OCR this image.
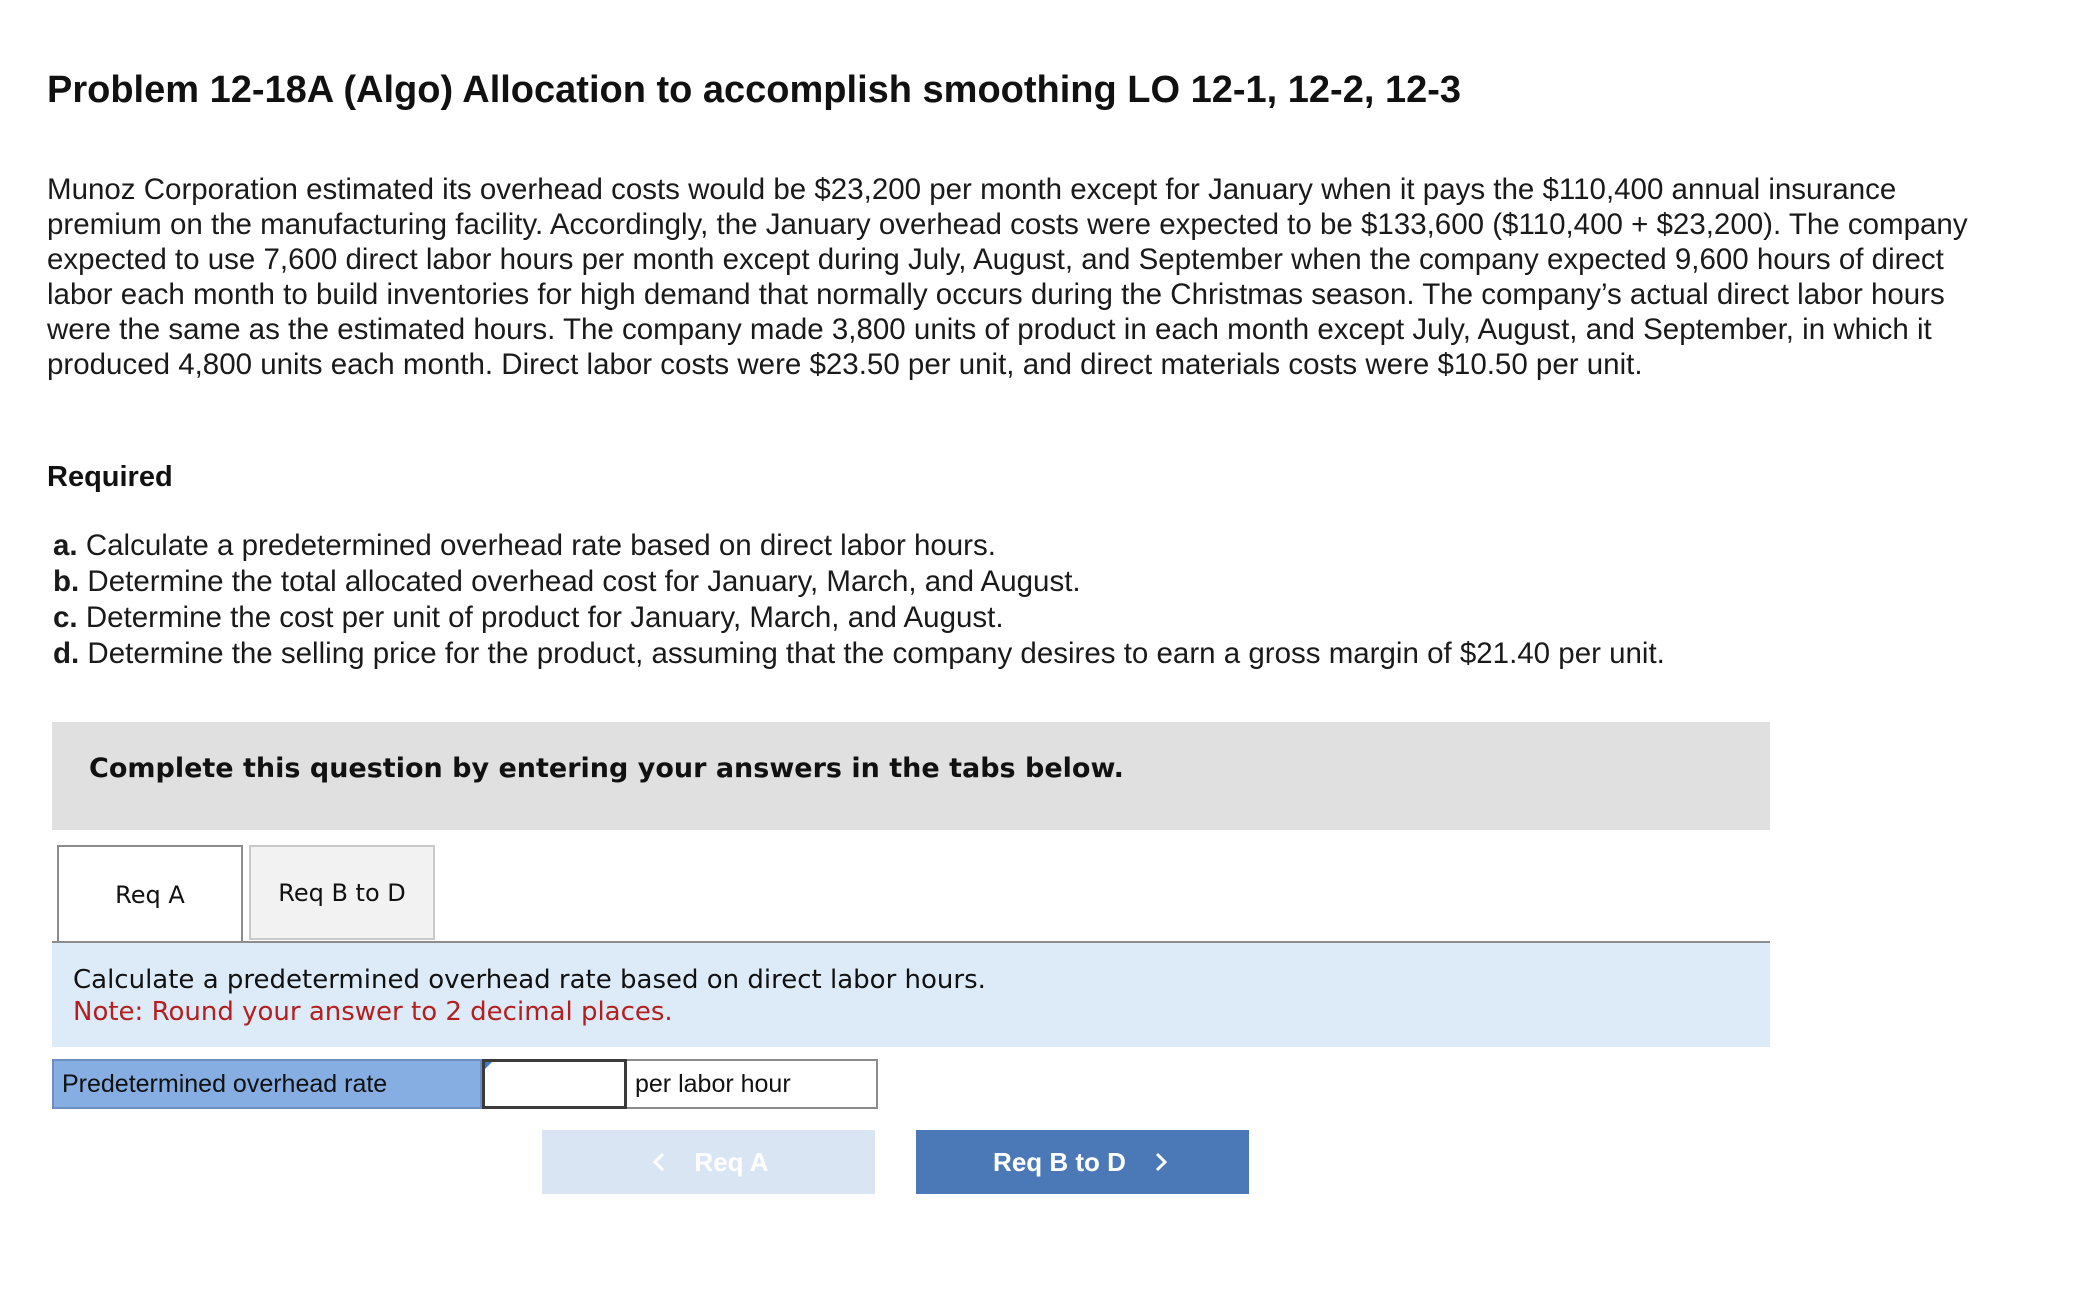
Problem 12-18A (Algo) Allocation to accomplish smoothing LO 12-1, 12-2, 12-3

Munoz Corporation estimated its overhead costs would be $23,200 per month except for January when it pays the $110,400 annual insurance premium on the manufacturing facility. Accordingly, the January overhead costs were expected to be $133,600 ($110,400 + $23,200). The company expected to use 7,600 direct labor hours per month except during July, August, and September when the company expected 9,600 hours of direct labor each month to build inventories for high demand that normally occurs during the Christmas season. The company’s actual direct labor hours were the same as the estimated hours. The company made 3,800 units of product in each month except July, August, and September, in which it produced 4,800 units each month. Direct labor costs were $23.50 per unit, and direct materials costs were $10.50 per unit.

Required
a. Calculate a predetermined overhead rate based on direct labor hours.
b. Determine the total allocated overhead cost for January, March, and August.
c. Determine the cost per unit of product for January, March, and August.
d. Determine the selling price for the product, assuming that the company desires to earn a gross margin of $21.40 per unit.
Complete this question by entering your answers in the tabs below.
Req A	Req B to D
Calculate a predetermined overhead rate based on direct labor hours.
Note: Round your answer to 2 decimal places.
Predetermined overhead rate	per labor hour
Req A	Req B to D
